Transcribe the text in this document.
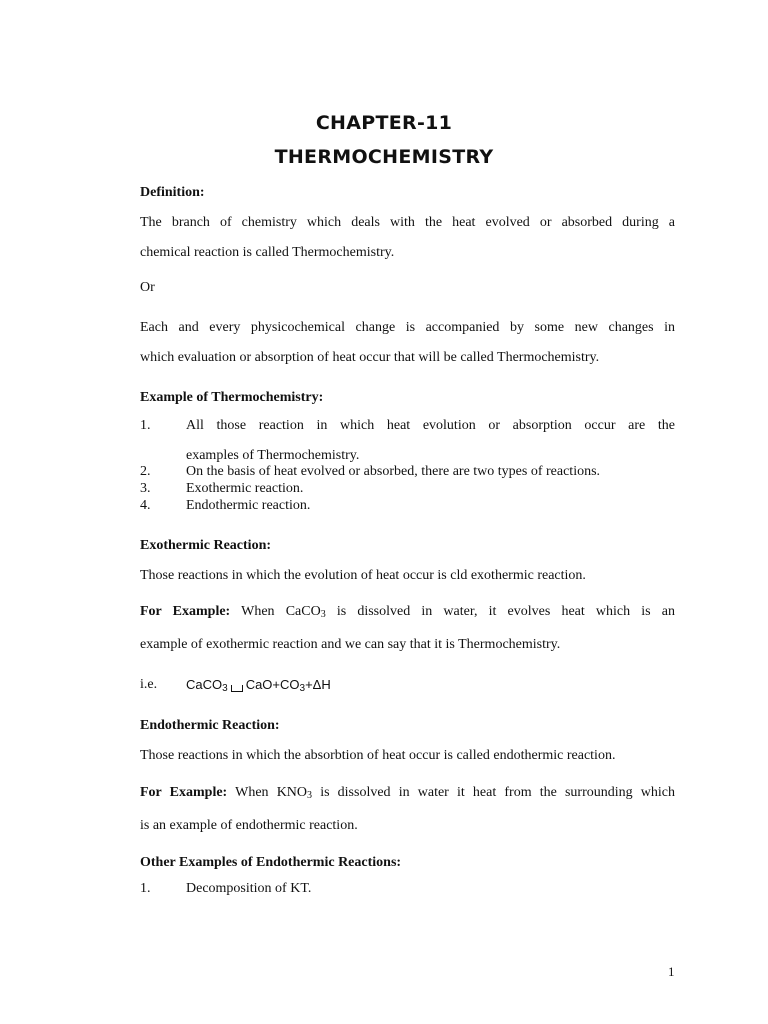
CHAPTER-11
THERMOCHEMISTRY
Definition:
The branch of chemistry which deals with the heat evolved or absorbed during a
chemical reaction is called Thermochemistry.
Or
Each and every physicochemical change is accompanied by some new changes in
which evaluation or absorption of heat occur that will be called Thermochemistry.
Example of Thermochemistry:
1.	All those reaction in which heat evolution or absorption occur are the
examples of Thermochemistry.
2.	On the basis of heat evolved or absorbed, there are two types of reactions.
3.	Exothermic reaction.
4.	Endothermic reaction.
Exothermic Reaction:
Those reactions in which the evolution of heat occur is cld exothermic reaction.
For Example: When CaCO$_3$ is dissolved in water, it evolves heat which is an
example of exothermic reaction and we can say that it is Thermochemistry.
i.e. CaCO$_3$ $CaO+CO_3+\Delta H$
Endothermic Reaction:
Those reactions in which the absorbtion of heat occur is called endothermic reaction.
For Example: When $KNO_3$ is dissolved in water it heat from the surrounding which
is an example of endothermic reaction.
Other Examples of Endothermic Reactions:
1.	Decomposition of KT.
1
